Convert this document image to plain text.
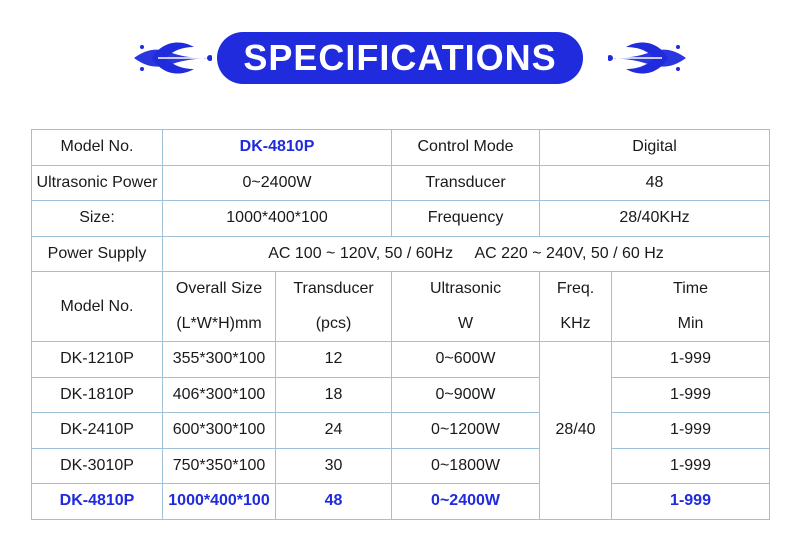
SPECIFICATIONS
Model No.	DK-4810P		Control Mode	Digital	
Ultrasonic Power	0~2400W		Transducer	48	
Size:	1000*400*100		Frequency	28/40KHz	
Power Supply	AC 100 ~ 120V, 50 / 60Hz     AC 220 ~ 240V, 50 / 60 Hz				
Model No.	Overall Size	Transducer	Ultrasonic	Freq.	Time
	(L*W*H)mm	(pcs)	W	KHz	Min
DK-1210P	355*300*100	12	0~600W	28/40	1-999
DK-1810P	406*300*100	18	0~900W		1-999
DK-2410P	600*300*100	24	0~1200W		1-999
DK-3010P	750*350*100	30	0~1800W		1-999
DK-4810P	1000*400*100	48	0~2400W		1-999
